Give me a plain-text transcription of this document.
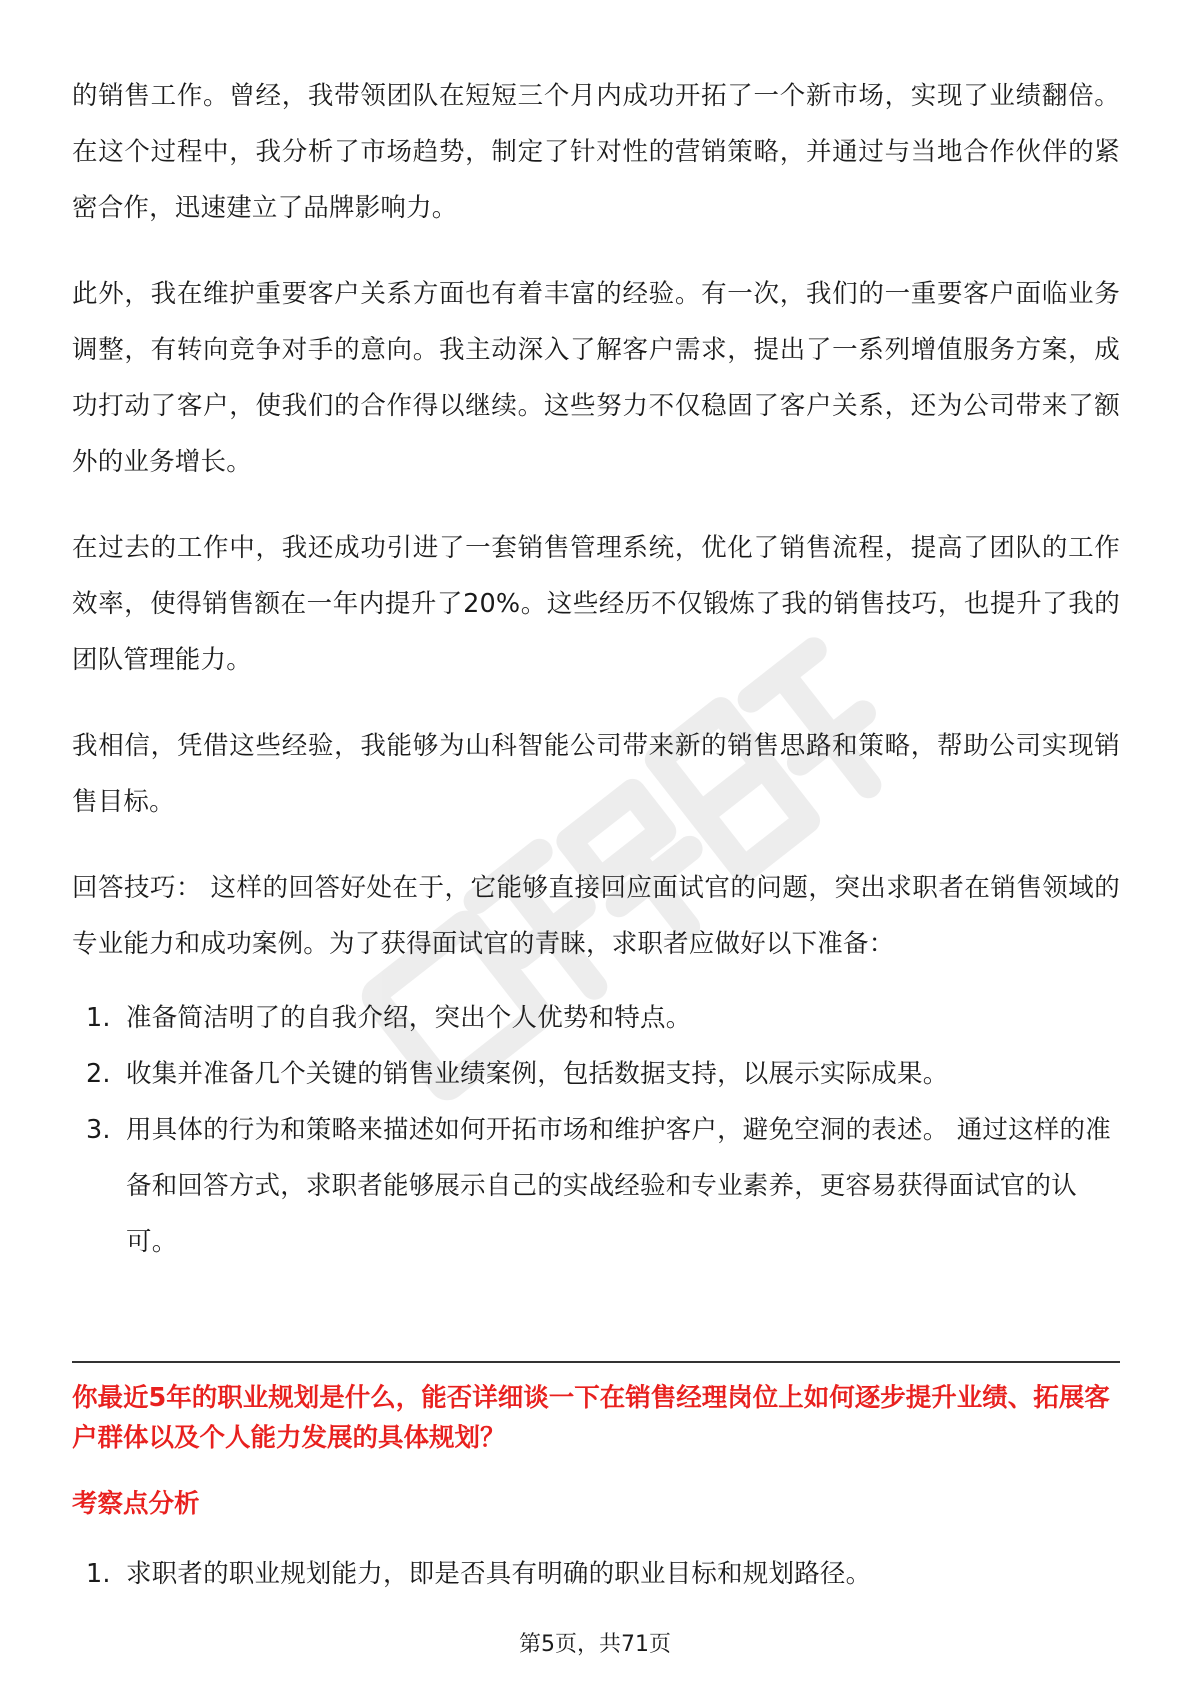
的销售工作。曾经，我带领团队在短短三个月内成功开拓了一个新市场，实现了业绩翻倍。在这个过程中，我分析了市场趋势，制定了针对性的营销策略，并通过与当地合作伙伴的紧密合作，迅速建立了品牌影响力。

此外，我在维护重要客户关系方面也有着丰富的经验。有一次，我们的一重要客户面临业务调整，有转向竞争对手的意向。我主动深入了解客户需求，提出了一系列增值服务方案，成功打动了客户，使我们的合作得以继续。这些努力不仅稳固了客户关系，还为公司带来了额外的业务增长。

在过去的工作中，我还成功引进了一套销售管理系统，优化了销售流程，提高了团队的工作效率，使得销售额在一年内提升了20%。这些经历不仅锻炼了我的销售技巧，也提升了我的团队管理能力。

我相信，凭借这些经验，我能够为山科智能公司带来新的销售思路和策略，帮助公司实现销售目标。

回答技巧： 这样的回答好处在于，它能够直接回应面试官的问题，突出求职者在销售领域的专业能力和成功案例。为了获得面试官的青睐，求职者应做好以下准备：

1. 准备简洁明了的自我介绍，突出个人优势和特点。
2. 收集并准备几个关键的销售业绩案例，包括数据支持，以展示实际成果。
3. 用具体的行为和策略来描述如何开拓市场和维护客户，避免空洞的表述。 通过这样的准备和回答方式，求职者能够展示自己的实战经验和专业素养，更容易获得面试官的认可。

你最近5年的职业规划是什么，能否详细谈一下在销售经理岗位上如何逐步提升业绩、拓展客户群体以及个人能力发展的具体规划？

考察点分析

1. 求职者的职业规划能力，即是否具有明确的职业目标和规划路径。
第5页，共71页
